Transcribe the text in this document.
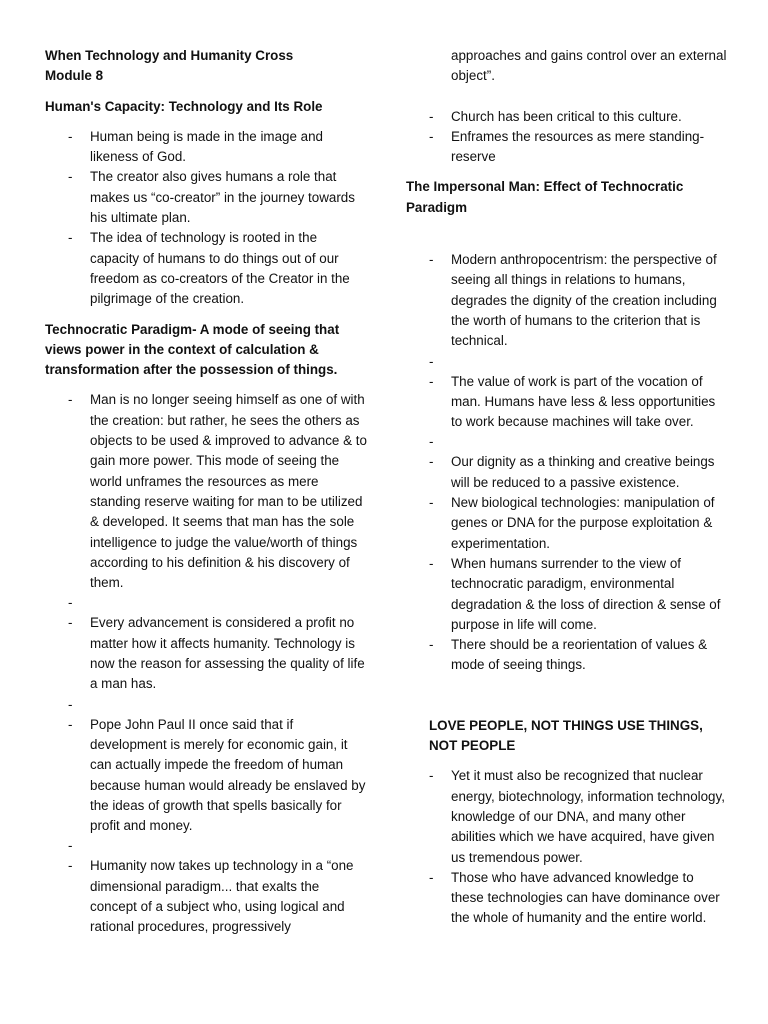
When Technology and Humanity Cross

Module 8

Human's Capacity: Technology and Its Role

- Human being is made in the image and likeness of God.
- The creator also gives humans a role that makes us “co-creator” in the journey towards his ultimate plan.
- The idea of technology is rooted in the capacity of humans to do things out of our freedom as co-creators of the Creator in the pilgrimage of the creation.

Technocratic Paradigm- A mode of seeing that views power in the context of calculation & transformation after the possession of things.

- Man is no longer seeing himself as one of with the creation: but rather, he sees the others as objects to be used & improved to advance & to gain more power. This mode of seeing the world unframes the resources as mere standing reserve waiting for man to be utilized & developed. It seems that man has the sole intelligence to judge the value/worth of things according to his definition & his discovery of them.
-
- Every advancement is considered a profit no matter how it affects humanity. Technology is now the reason for assessing the quality of life a man has.
-
- Pope John Paul II once said that if development is merely for economic gain, it can actually impede the freedom of human because human would already be enslaved by the ideas of growth that spells basically for profit and money.
-
- Humanity now takes up technology in a “one dimensional paradigm... that exalts the concept of a subject who, using logical and rational procedures, progressively

approaches and gains control over an external object”.

- Church has been critical to this culture.
- Enframes the resources as mere standing-reserve

The Impersonal Man: Effect of Technocratic Paradigm

- Modern anthropocentrism: the perspective of seeing all things in relations to humans, degrades the dignity of the creation including the worth of humans to the criterion that is technical.
-
- The value of work is part of the vocation of man. Humans have less & less opportunities to work because machines will take over.
-
- Our dignity as a thinking and creative beings will be reduced to a passive existence.
- New biological technologies: manipulation of genes or DNA for the purpose exploitation & experimentation.
- When humans surrender to the view of technocratic paradigm, environmental degradation & the loss of direction & sense of purpose in life will come.
- There should be a reorientation of values & mode of seeing things.

LOVE PEOPLE, NOT THINGS USE THINGS, NOT PEOPLE

- Yet it must also be recognized that nuclear energy, biotechnology, information technology, knowledge of our DNA, and many other abilities which we have acquired, have given us tremendous power.
- Those who have advanced knowledge to these technologies can have dominance over the whole of humanity and the entire world.
